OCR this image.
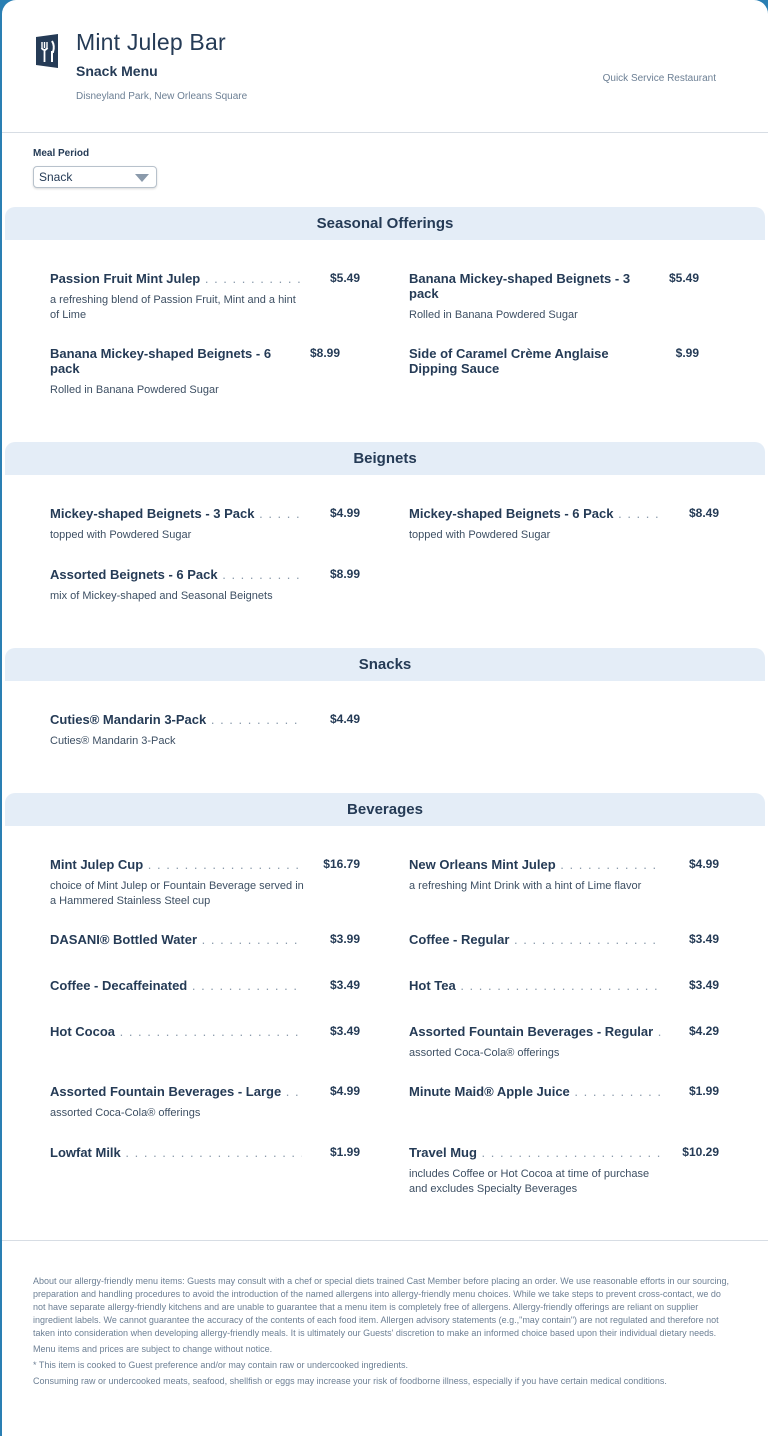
Mint Julep Bar
Snack Menu
Disneyland Park, New Orleans Square
Quick Service Restaurant
Meal Period
Snack
Seasonal Offerings
Passion Fruit Mint Julep . . .	$5.49
a refreshing blend of Passion Fruit, Mint and a hint of Lime
Banana Mickey-shaped Beignets - 3 pack
$5.49
Rolled in Banana Powdered Sugar
Banana Mickey-shaped Beignets - 6 pack
$8.99
Rolled in Banana Powdered Sugar
Side of Caramel Crème Anglaise Dipping Sauce
$.99
Beignets
Mickey-shaped Beignets - 3 Pack . . .	$4.99
topped with Powdered Sugar
Mickey-shaped Beignets - 6 Pack . . .	$8.49
topped with Powdered Sugar
Assorted Beignets - 6 Pack . . .	$8.99
mix of Mickey-shaped and Seasonal Beignets
Snacks
Cuties® Mandarin 3-Pack . . .	$4.49
Cuties® Mandarin 3-Pack
Beverages
Mint Julep Cup . . .	$16.79
choice of Mint Julep or Fountain Beverage served in a Hammered Stainless Steel cup
New Orleans Mint Julep . . .	$4.99
a refreshing Mint Drink with a hint of Lime flavor
DASANI® Bottled Water . . .	$3.99	Coffee - Regular . . .	$3.49
Coffee - Decaffeinated . . .	$3.49	Hot Tea . . .	$3.49
Hot Cocoa . . .	$3.49	Assorted Fountain Beverages - Regular . . .	$4.29
assorted Coca-Cola® offerings
Assorted Fountain Beverages - Large . . .	$4.99
assorted Coca-Cola® offerings
Minute Maid® Apple Juice . . .	$1.99
Lowfat Milk . . .	$1.99	Travel Mug . . .	$10.29
includes Coffee or Hot Cocoa at time of purchase and excludes Specialty Beverages

About our allergy-friendly menu items: Guests may consult with a chef or special diets trained Cast Member before placing an order. We use reasonable efforts in our sourcing, preparation and handling procedures to avoid the introduction of the named allergens into allergy-friendly menu choices. While we take steps to prevent cross-contact, we do not have separate allergy-friendly kitchens and are unable to guarantee that a menu item is completely free of allergens. Allergy-friendly offerings are reliant on supplier ingredient labels. We cannot guarantee the accuracy of the contents of each food item. Allergen advisory statements (e.g.,"may contain") are not regulated and therefore not taken into consideration when developing allergy-friendly meals. It is ultimately our Guests' discretion to make an informed choice based upon their individual dietary needs.

Menu items and prices are subject to change without notice.

* This item is cooked to Guest preference and/or may contain raw or undercooked ingredients.

Consuming raw or undercooked meats, seafood, shellfish or eggs may increase your risk of foodborne illness, especially if you have certain medical conditions.
